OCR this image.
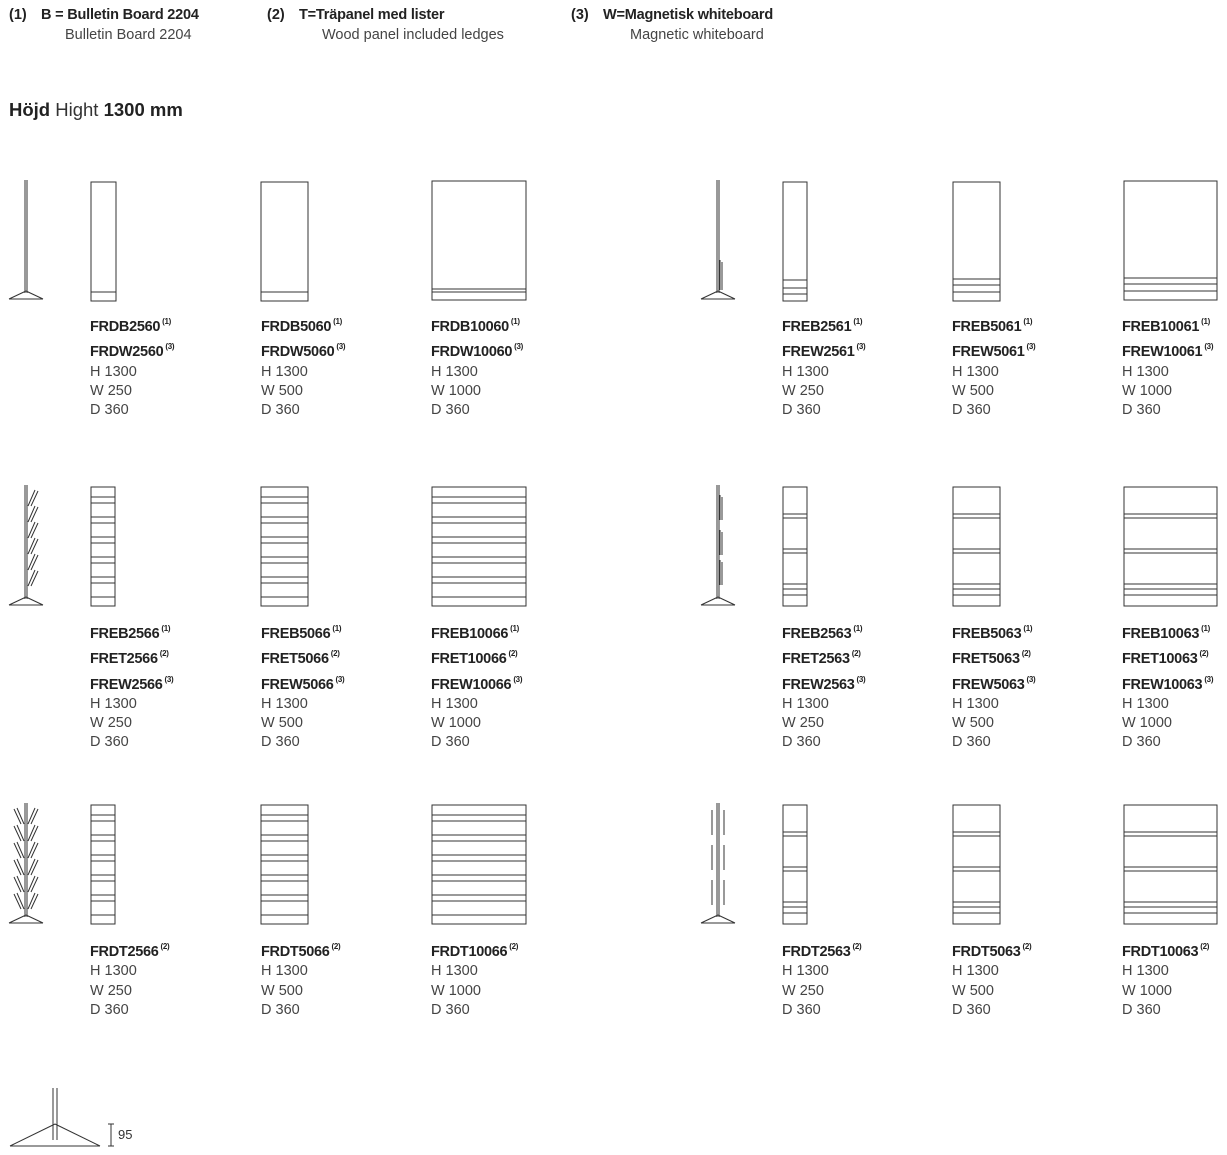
(1) B = Bulletin Board 2204
Bulletin Board 2204
(2) T=Träpanel med lister
Wood panel included ledges
(3) W=Magnetisk whiteboard
Magnetic whiteboard
Höjd Hight 1300 mm
FRDB2560 $^{(1)}$
FRDW2560 $^{(3)}$
H 1300
W 250
D 360
FRDB5060 $^{(1)}$
FRDW5060 $^{(3)}$
H 1300
W 500
D 360
FRDB10060 $^{(1)}$
FRDW10060 $^{(3)}$
H 1300
W 1000
D 360
FREB2561 $^{(1)}$
FREW2561 $^{(3)}$
H 1300
W 250
D 360
FREB5061 $^{(1)}$
FREW5061 $^{(3)}$
H 1300
W 500
D 360
FREB10061 $^{(1)}$
FREW10061 $^{(3)}$
H 1300
W 1000
D 360
FREB2566 $^{(1)}$
FRET2566 $^{(2)}$
FREW2566 $^{(3)}$
H 1300
W 250
D 360
FREB5066 $^{(1)}$
FRET5066 $^{(2)}$
FREW5066 $^{(3)}$
H 1300
W 500
D 360
FREB10066 $^{(1)}$
FRET10066 $^{(2)}$
FREW10066 $^{(3)}$
H 1300
W 1000
D 360
FREB2563 $^{(1)}$
FRET2563 $^{(2)}$
FREW2563 $^{(3)}$
H 1300
W 250
D 360
FREB5063 $^{(1)}$
FRET5063 $^{(2)}$
FREW5063 $^{(3)}$
H 1300
W 500
D 360
FREB10063 $^{(1)}$
FRET10063 $^{(2)}$
FREW10063 $^{(3)}$
H 1300
W 1000
D 360
FRDT2566 $^{(2)}$
H 1300
W 250
D 360
FRDT5066 $^{(2)}$
H 1300
W 500
D 360
FRDT10066 $^{(2)}$
H 1300
W 1000
D 360
FRDT2563 $^{(2)}$
H 1300
W 250
D 360
FRDT5063 $^{(2)}$
H 1300
W 500
D 360
FRDT10063 $^{(2)}$
H 1300
W 1000
D 360
95
